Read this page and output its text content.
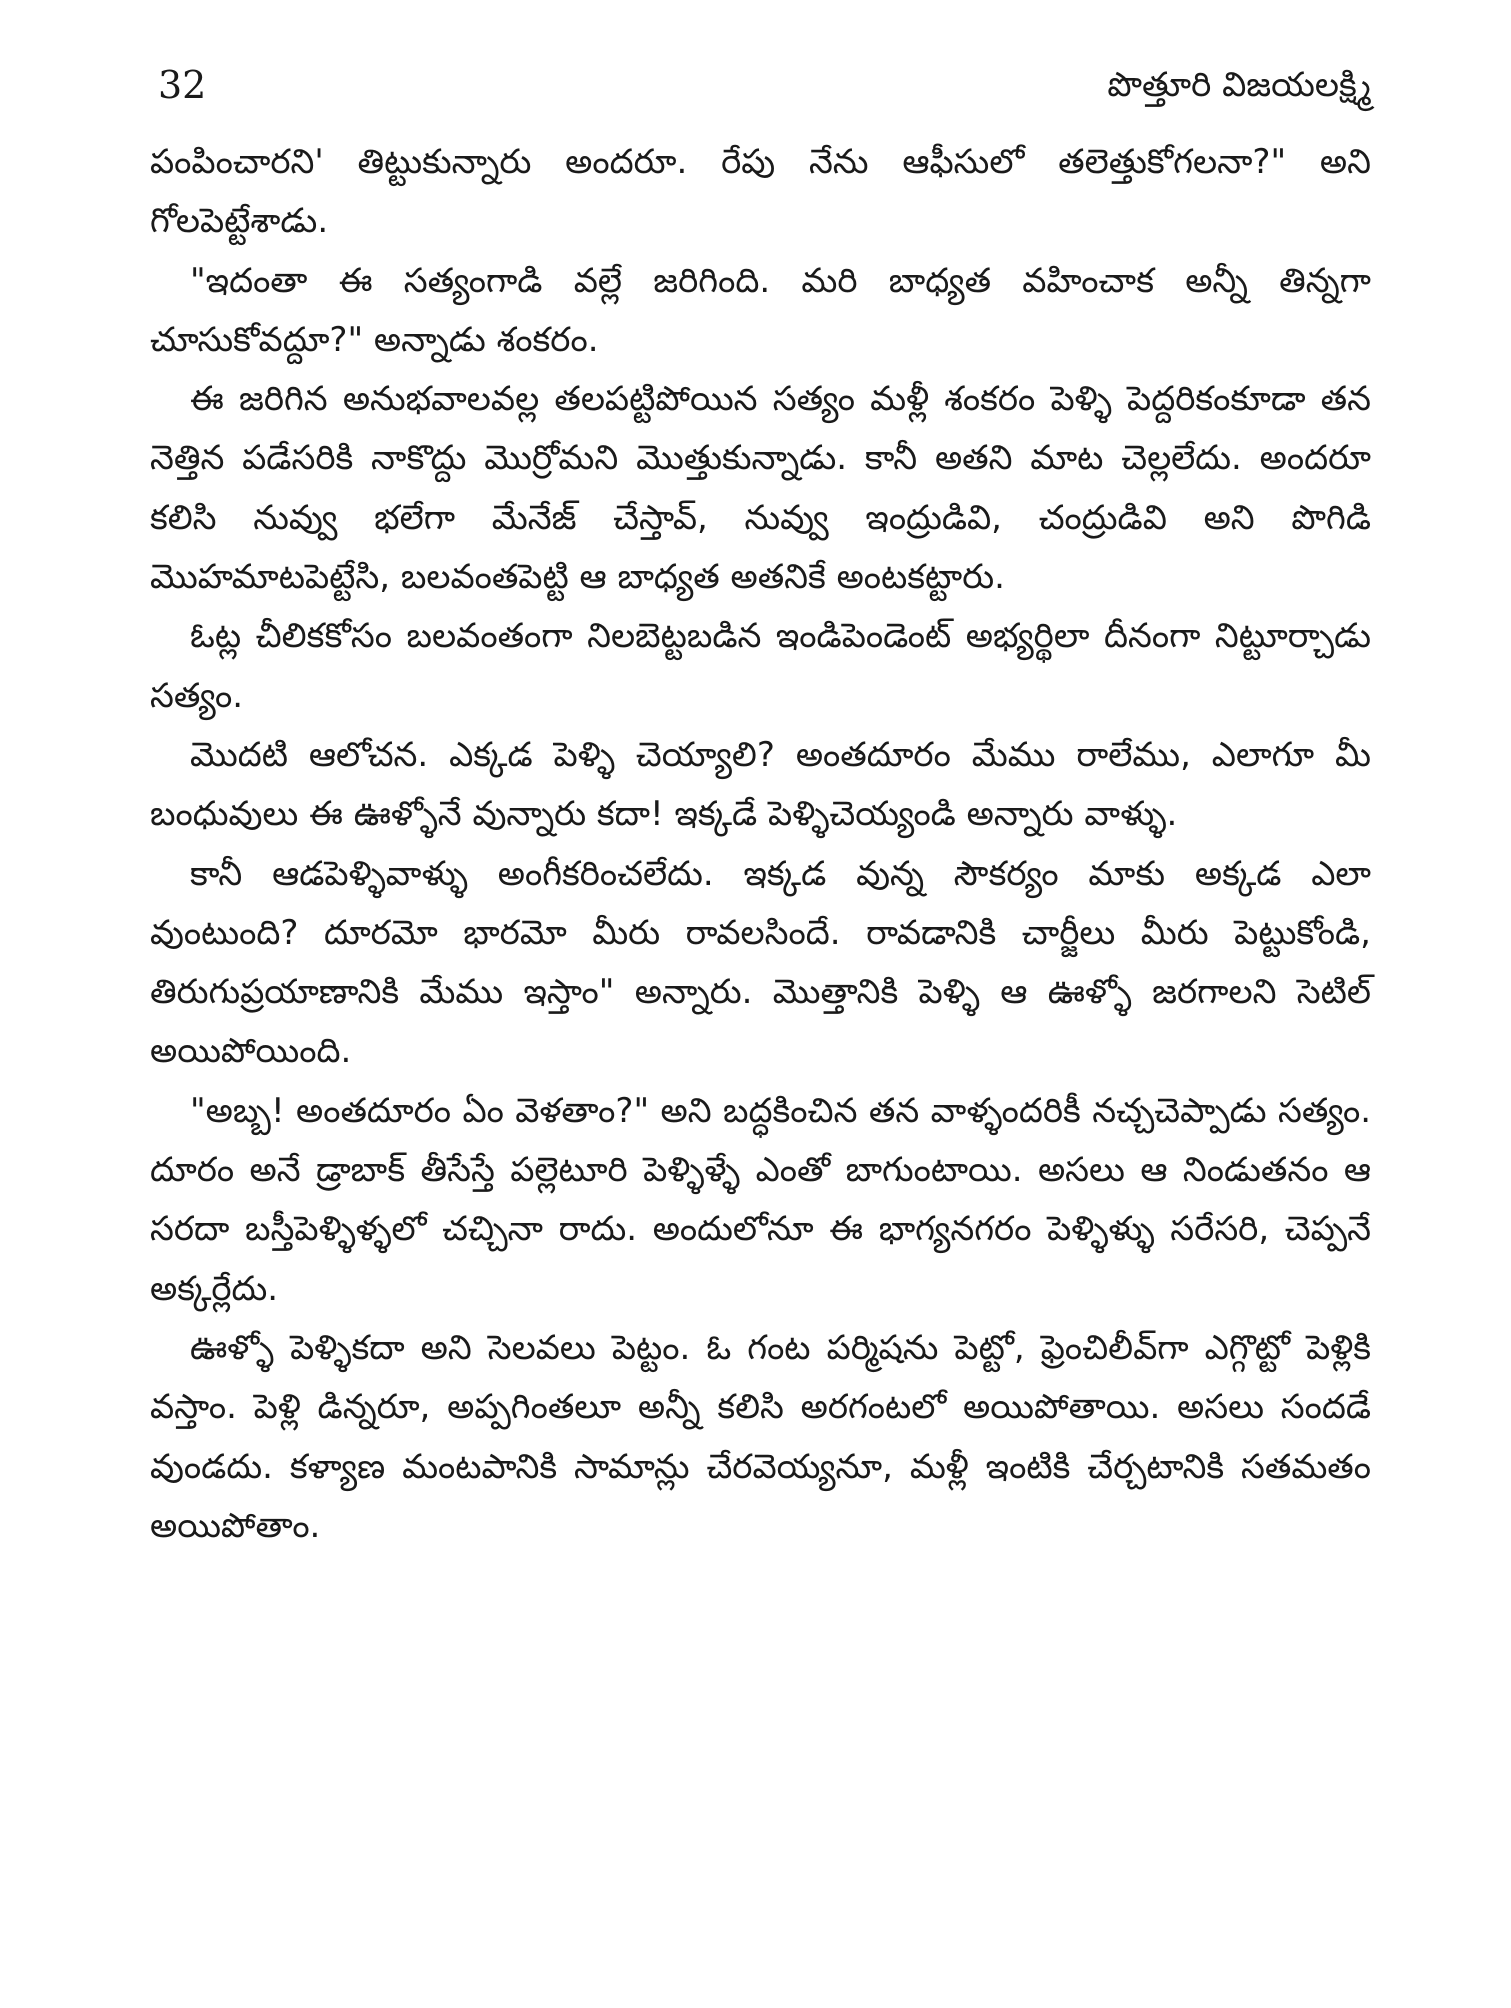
32	పొత్తూరి విజయలక్ష్మి

పంపించారని' తిట్టుకున్నారు అందరూ. రేపు నేను ఆఫీసులో తలెత్తుకోగలనా?" అని గోలపెట్టేశాడు.

"ఇదంతా ఈ సత్యంగాడి వల్లే జరిగింది. మరి బాధ్యత వహించాక అన్నీ తిన్నగా చూసుకోవద్దూ?" అన్నాడు శంకరం.

ఈ జరిగిన అనుభవాలవల్ల తలపట్టిపోయిన సత్యం మళ్లీ శంకరం పెళ్ళి పెద్దరికంకూడా తన నెత్తిన పడేసరికి నాకొద్దు మొర్రోమని మొత్తుకున్నాడు. కానీ అతని మాట చెల్లలేదు. అందరూ కలిసి నువ్వు భలేగా మేనేజ్ చేస్తావ్, నువ్వు ఇంద్రుడివి, చంద్రుడివి అని పొగిడి మొహమాటపెట్టేసి, బలవంతపెట్టి ఆ బాధ్యత అతనికే అంటకట్టారు.

ఓట్ల చీలికకోసం బలవంతంగా నిలబెట్టబడిన ఇండిపెండెంట్ అభ్యర్థిలా దీనంగా నిట్టూర్చాడు సత్యం.

మొదటి ఆలోచన. ఎక్కడ పెళ్ళి చెయ్యాలి? అంతదూరం మేము రాలేము, ఎలాగూ మీ బంధువులు ఈ ఊళ్ళోనే వున్నారు కదా! ఇక్కడే పెళ్ళిచెయ్యండి అన్నారు వాళ్ళు.

కానీ ఆడపెళ్ళివాళ్ళు అంగీకరించలేదు. ఇక్కడ వున్న సౌకర్యం మాకు అక్కడ ఎలా వుంటుంది? దూరమో భారమో మీరు రావలసిందే. రావడానికి చార్జీలు మీరు పెట్టుకోండి, తిరుగుప్రయాణానికి మేము ఇస్తాం" అన్నారు. మొత్తానికి పెళ్ళి ఆ ఊళ్ళో జరగాలని సెటిల్ అయిపోయింది.

"అబ్బ! అంతదూరం ఏం వెళతాం?" అని బద్ధకించిన తన వాళ్ళందరికీ నచ్చచెప్పాడు సత్యం. దూరం అనే డ్రాబాక్ తీసేస్తే పల్లెటూరి పెళ్ళిళ్ళే ఎంతో బాగుంటాయి. అసలు ఆ నిండుతనం ఆ సరదా బస్తీపెళ్ళిళ్ళలో చచ్చినా రాదు. అందులోనూ ఈ భాగ్యనగరం పెళ్ళిళ్ళు సరేసరి, చెప్పనే అక్కర్లేదు.

ఊళ్ళో పెళ్ళికదా అని సెలవలు పెట్టం. ఓ గంట పర్మిషను పెట్టో, ఫ్రెంచిలీవ్‌గా ఎగ్గొట్టో పెళ్లికి వస్తాం. పెళ్లి డిన్నరూ, అప్పగింతలూ అన్నీ కలిసి అరగంటలో అయిపోతాయి. అసలు సందడే వుండదు. కళ్యాణ మంటపానికి సామాన్లు చేరవెయ్యనూ, మళ్లీ ఇంటికి చేర్చటానికి సతమతం అయిపోతాం.
